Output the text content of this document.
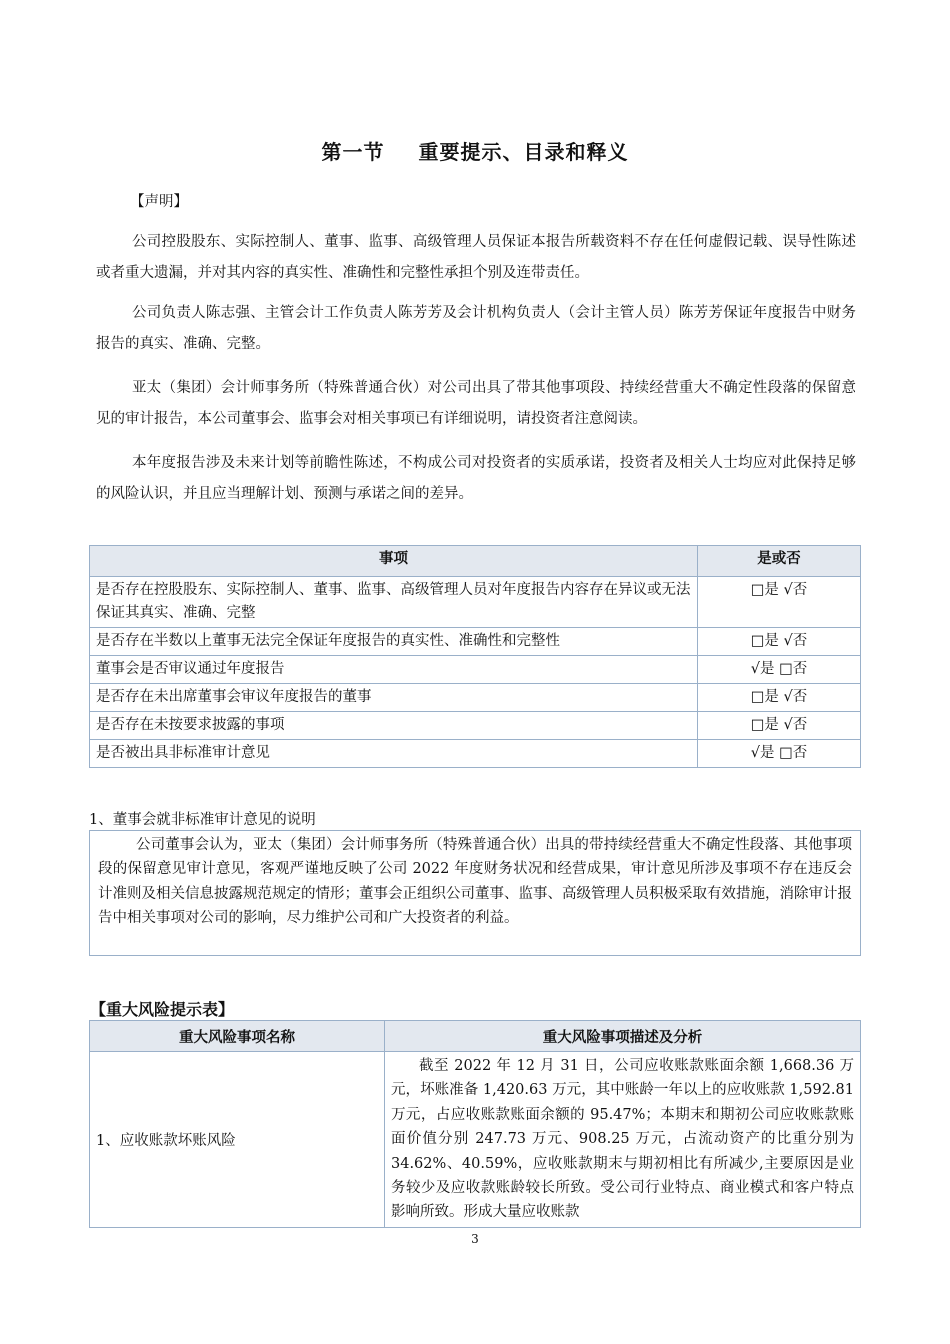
第一节 重要提示、目录和释义
【声明】

公司控股股东、实际控制人、董事、监事、高级管理人员保证本报告所载资料不存在任何虚假记载、误导性陈述或者重大遗漏，并对其内容的真实性、准确性和完整性承担个别及连带责任。

公司负责人陈志强、主管会计工作负责人陈芳芳及会计机构负责人（会计主管人员）陈芳芳保证年度报告中财务报告的真实、准确、完整。

亚太（集团）会计师事务所（特殊普通合伙）对公司出具了带其他事项段、持续经营重大不确定性段落的保留意见的审计报告，本公司董事会、监事会对相关事项已有详细说明，请投资者注意阅读。

本年度报告涉及未来计划等前瞻性陈述，不构成公司对投资者的实质承诺，投资者及相关人士均应对此保持足够的风险认识，并且应当理解计划、预测与承诺之间的差异。

事项	是或否
是否存在控股股东、实际控制人、董事、监事、高级管理人员对年度报告内容存在异议或无法保证其真实、准确、完整	□是 √否
是否存在半数以上董事无法完全保证年度报告的真实性、准确性和完整性	□是 √否
董事会是否审议通过年度报告	√是 □否
是否存在未出席董事会审议年度报告的董事	□是 √否
是否存在未按要求披露的事项	□是 √否
是否被出具非标准审计意见	√是 □否
1、董事会就非标准审计意见的说明

公司董事会认为，亚太（集团）会计师事务所（特殊普通合伙）出具的带持续经营重大不确定性段落、其他事项段的保留意见审计意见，客观严谨地反映了公司 2022 年度财务状况和经营成果，审计意见所涉及事项不存在违反会计准则及相关信息披露规范规定的情形；董事会正组织公司董事、监事、高级管理人员积极采取有效措施，消除审计报告中相关事项对公司的影响，尽力维护公司和广大投资者的利益。

【重大风险提示表】
重大风险事项名称	重大风险事项描述及分析
1、应收账款坏账风险	截至 2022 年 12 月 31 日，公司应收账款账面余额 1,668.36 万元，坏账准备 1,420.63 万元，其中账龄一年以上的应收账款 1,592.81 万元，占应收账款账面余额的 95.47%；本期末和期初公司应收账款账面价值分别 247.73 万元、908.25 万元，占流动资产的比重分别为 34.62%、40.59%，应收账款期末与期初相比有所减少,主要原因是业务较少及应收款账龄较长所致。受公司行业特点、商业模式和客户特点影响所致。形成大量应收账款
3
